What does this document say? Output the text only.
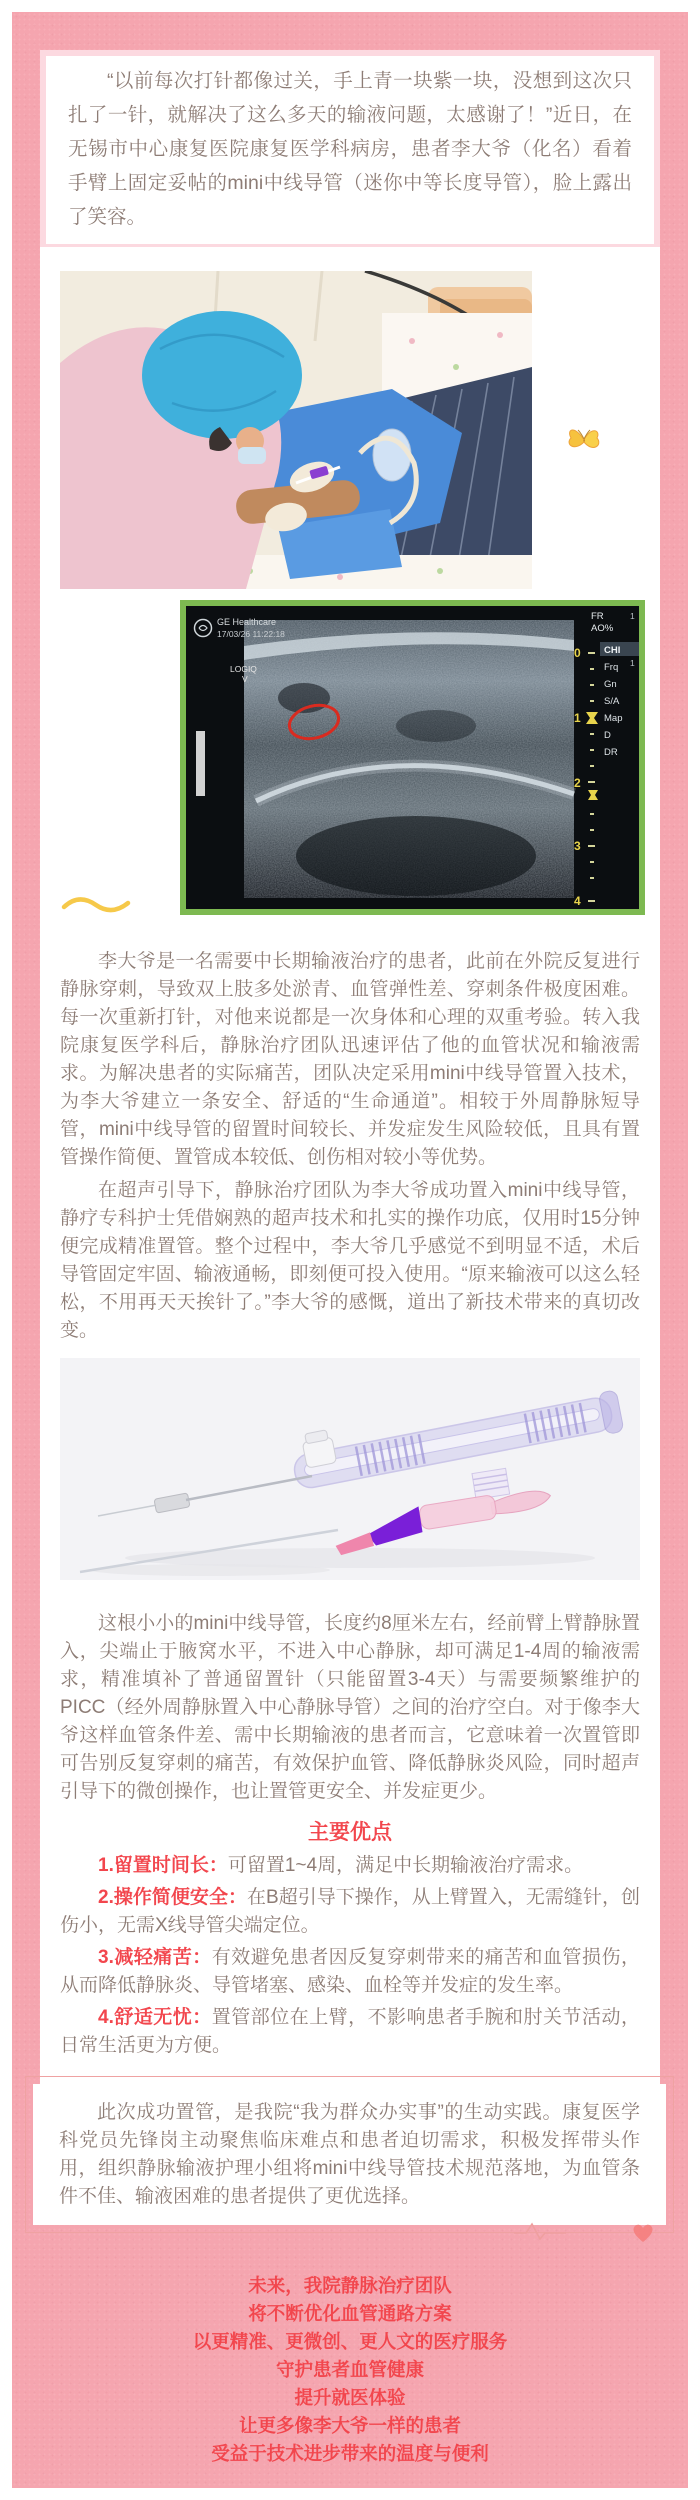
“以前每次打针都像过关，手上青一块紫一块，没想到这次只扎了一针，就解决了这么多天的输液问题，太感谢了！”近日，在无锡市中心康复医院康复医学科病房，患者李大爷（化名）看着手臂上固定妥帖的mini中线导管（迷你中等长度导管），脸上露出了笑容。

GE Healthcare
17/03/26 11:22:18
LOGIQ
V
FR
AO%
1
CHI
1
Frq
Gn
S/A
Map
D
DR
0
1
2
3
4

李大爷是一名需要中长期输液治疗的患者，此前在外院反复进行静脉穿刺，导致双上肢多处淤青、血管弹性差、穿刺条件极度困难。每一次重新打针，对他来说都是一次身体和心理的双重考验。转入我院康复医学科后，静脉治疗团队迅速评估了他的血管状况和输液需求。为解决患者的实际痛苦，团队决定采用mini中线导管置入技术，为李大爷建立一条安全、舒适的“生命通道”。相较于外周静脉短导管，mini中线导管的留置时间较长、并发症发生风险较低，且具有置管操作简便、置管成本较低、创伤相对较小等优势。

在超声引导下，静脉治疗团队为李大爷成功置入mini中线导管，静疗专科护士凭借娴熟的超声技术和扎实的操作功底，仅用时15分钟便完成精准置管。整个过程中，李大爷几乎感觉不到明显不适，术后导管固定牢固、输液通畅，即刻便可投入使用。“原来输液可以这么轻松，不用再天天挨针了。”李大爷的感慨，道出了新技术带来的真切改变。

这根小小的mini中线导管，长度约8厘米左右，经前臂上臂静脉置入，尖端止于腋窝水平，不进入中心静脉，却可满足1-4周的输液需求，精准填补了普通留置针（只能留置3-4天）与需要频繁维护的PICC（经外周静脉置入中心静脉导管）之间的治疗空白。对于像李大爷这样血管条件差、需中长期输液的患者而言，它意味着一次置管即可告别反复穿刺的痛苦，有效保护血管、降低静脉炎风险，同时超声引导下的微创操作，也让置管更安全、并发症更少。

主要优点

1.留置时间长：可留置1~4周，满足中长期输液治疗需求。

2.操作简便安全：在B超引导下操作，从上臂置入，无需缝针，创伤小，无需X线导管尖端定位。

3.减轻痛苦：有效避免患者因反复穿刺带来的痛苦和血管损伤，从而降低静脉炎、导管堵塞、感染、血栓等并发症的发生率。

4.舒适无忧：置管部位在上臂，不影响患者手腕和肘关节活动，日常生活更为方便。

此次成功置管，是我院“我为群众办实事”的生动实践。康复医学科党员先锋岗主动聚焦临床难点和患者迫切需求，积极发挥带头作用，组织静脉输液护理小组将mini中线导管技术规范落地，为血管条件不佳、输液困难的患者提供了更优选择。

未来，我院静脉治疗团队
将不断优化血管通路方案
以更精准、更微创、更人文的医疗服务
守护患者血管健康
提升就医体验
让更多像李大爷一样的患者
受益于技术进步带来的温度与便利
